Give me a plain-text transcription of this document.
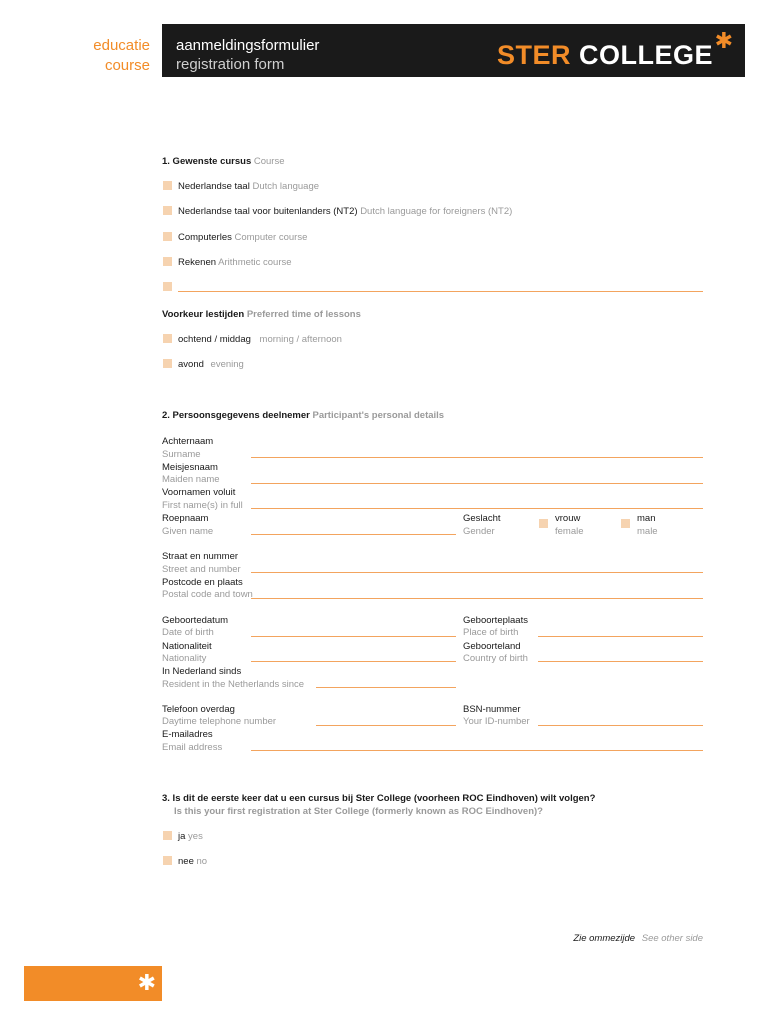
educatie
course
aanmeldingsformulier
registration form	STER COLLEGE ✱
1. Gewenste cursus Course
Nederlandse taal Dutch language
Nederlandse taal voor buitenlanders (NT2) Dutch language for foreigners (NT2)
Computerles Computer course
Rekenen Arithmetic course
Voorkeur lestijden Preferred time of lessons
ochtend / middag morning / afternoon
avond evening
2. Persoonsgegevens deelnemer Participant's personal details
Achternaam
Surname
Meisjesnaam
Maiden name
Voornamen voluit
First name(s) in full
Roepnaam
Given name
Geslacht
Gender
vrouw
female
man
male
Straat en nummer
Street and number
Postcode en plaats
Postal code and town
Geboortedatum
Date of birth
Geboorteplaats
Place of birth
Nationaliteit
Nationality
Geboorteland
Country of birth
In Nederland sinds
Resident in the Netherlands since
Telefoon overdag
Daytime telephone number
BSN-nummer
Your ID-number
E-mailadres
Email address
3. Is dit de eerste keer dat u een cursus bij Ster College (voorheen ROC Eindhoven) wilt volgen?
Is this your first registration at Ster College (formerly known as ROC Eindhoven)?
ja yes
nee no
Zie ommezijde See other side
✱
